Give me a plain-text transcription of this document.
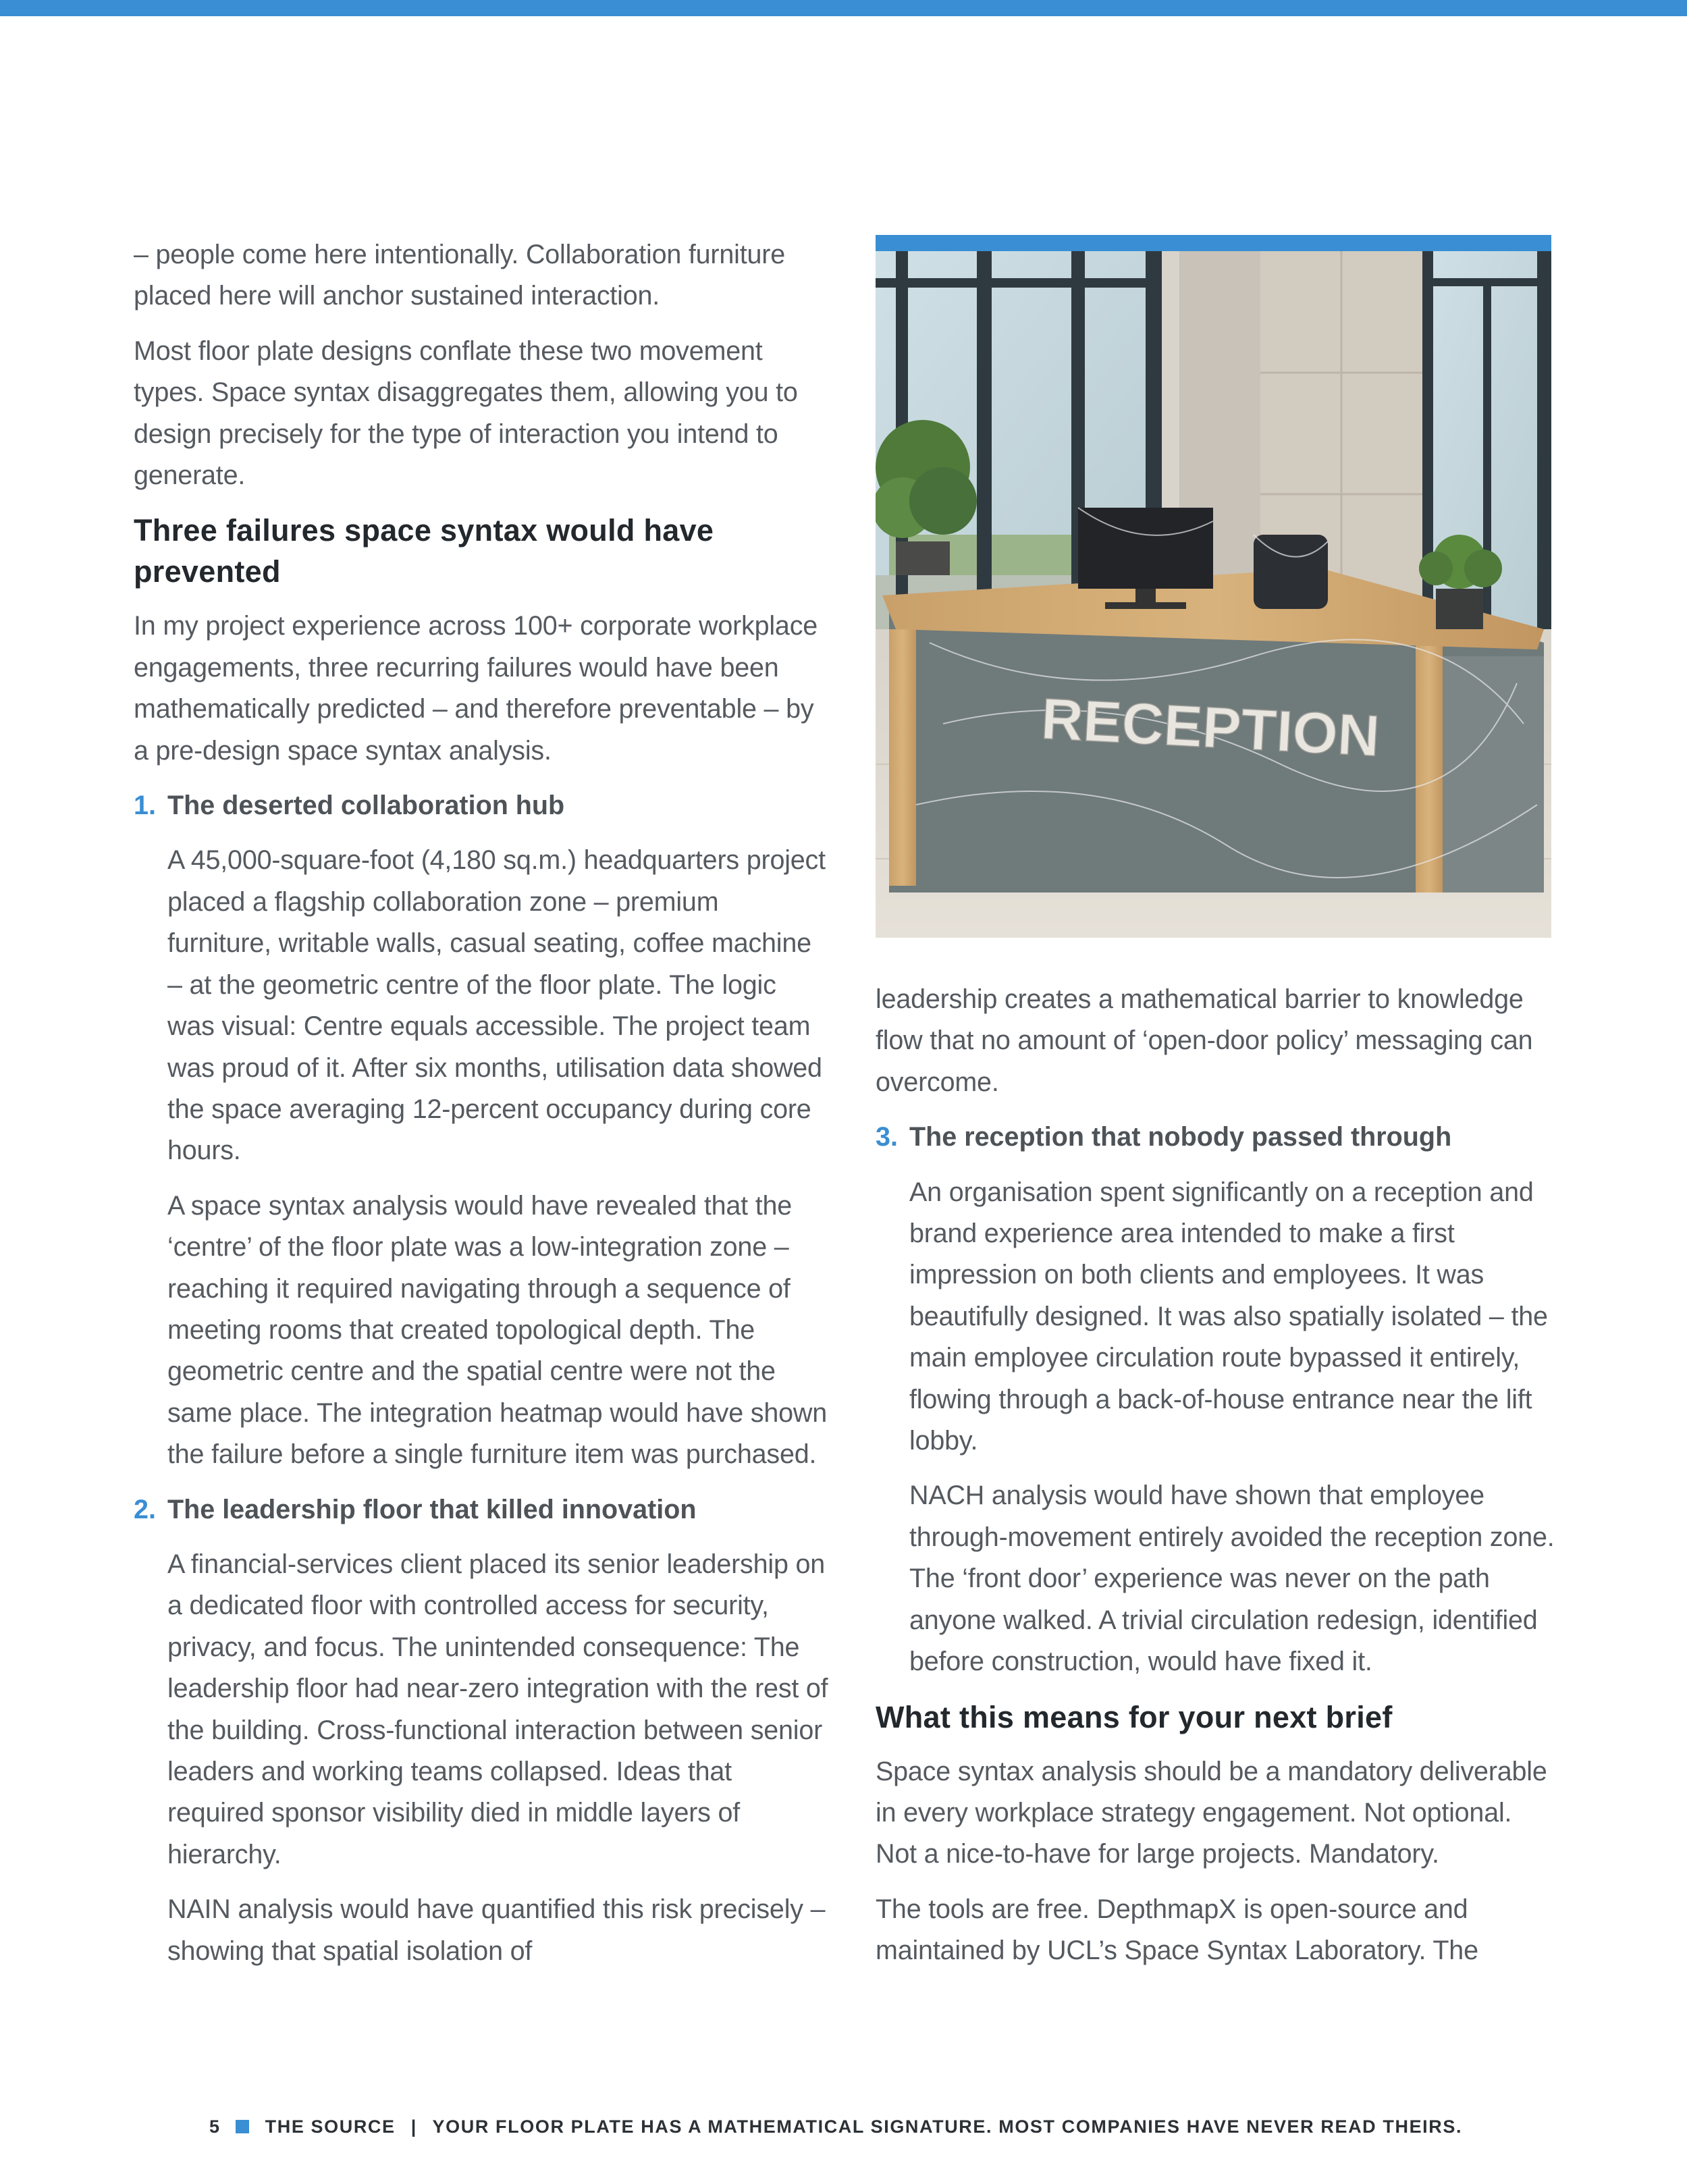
– people come here intentionally. Collaboration furniture placed here will anchor sustained interaction.

Most floor plate designs conflate these two movement types. Space syntax disaggregates them, allowing you to design precisely for the type of interaction you intend to generate.

Three failures space syntax would have prevented

In my project experience across 100+ corporate workplace engagements, three recurring failures would have been mathematically predicted – and therefore preventable – by a pre-design space syntax analysis.

1. The deserted collaboration hub

A 45,000-square-foot (4,180 sq.m.) headquarters project placed a flagship collaboration zone – premium furniture, writable walls, casual seating, coffee machine – at the geometric centre of the floor plate. The logic was visual: Centre equals accessible. The project team was proud of it. After six months, utilisation data showed the space averaging 12-percent occupancy during core hours.

A space syntax analysis would have revealed that the ‘centre’ of the floor plate was a low-integration zone – reaching it required navigating through a sequence of meeting rooms that created topological depth. The geometric centre and the spatial centre were not the same place. The integration heatmap would have shown the failure before a single furniture item was purchased.

2. The leadership floor that killed innovation

A financial-services client placed its senior leadership on a dedicated floor with controlled access for security, privacy, and focus. The unintended consequence: The leadership floor had near-zero integration with the rest of the building. Cross-functional interaction between senior leaders and working teams collapsed. Ideas that required sponsor visibility died in middle layers of hierarchy.

NAIN analysis would have quantified this risk precisely – showing that spatial isolation of

RECEPTION

leadership creates a mathematical barrier to knowledge flow that no amount of ‘open-door policy’ messaging can overcome.

3. The reception that nobody passed through

An organisation spent significantly on a reception and brand experience area intended to make a first impression on both clients and employees. It was beautifully designed. It was also spatially isolated – the main employee circulation route bypassed it entirely, flowing through a back-of-house entrance near the lift lobby.

NACH analysis would have shown that employee through-movement entirely avoided the reception zone. The ‘front door’ experience was never on the path anyone walked. A trivial circulation redesign, identified before construction, would have fixed it.

What this means for your next brief

Space syntax analysis should be a mandatory deliverable in every workplace strategy engagement. Not optional. Not a nice-to-have for large projects. Mandatory.

The tools are free. DepthmapX is open-source and maintained by UCL’s Space Syntax Laboratory. The

5 THE SOURCE | YOUR FLOOR PLATE HAS A MATHEMATICAL SIGNATURE. MOST COMPANIES HAVE NEVER READ THEIRS.
